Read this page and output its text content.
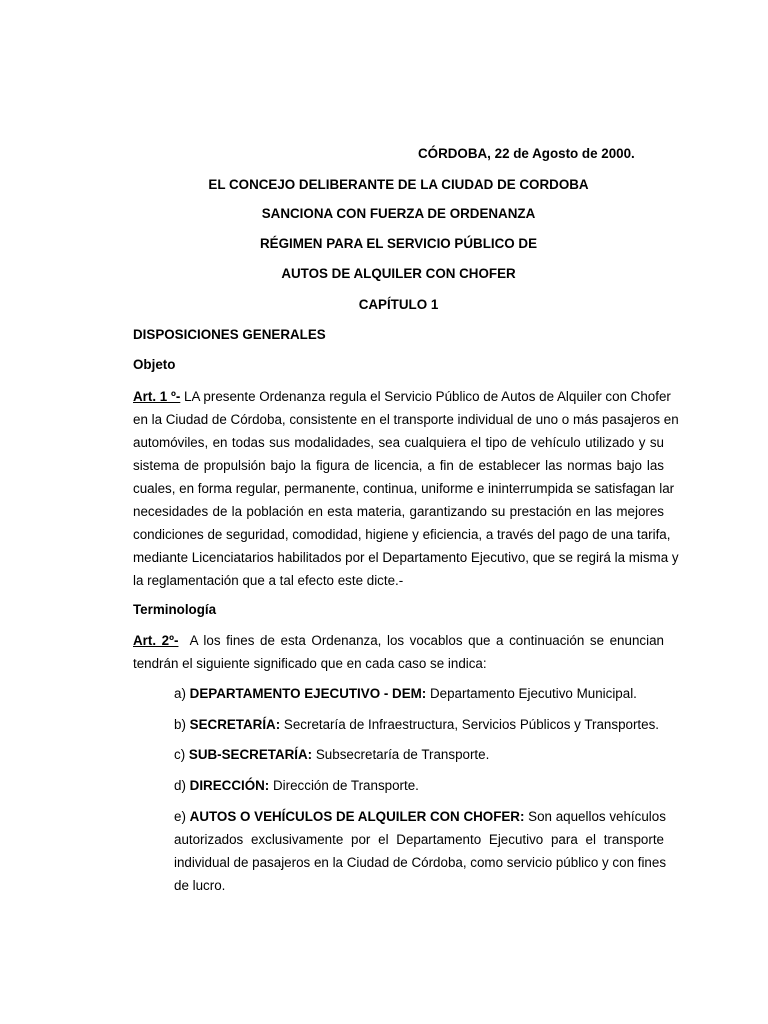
CÓRDOBA, 22 de Agosto de 2000.
EL CONCEJO DELIBERANTE DE LA CIUDAD DE CORDOBA
SANCIONA CON FUERZA DE ORDENANZA
RÉGIMEN PARA EL SERVICIO PÚBLICO DE
AUTOS DE ALQUILER CON CHOFER
CAPÍTULO 1
DISPOSICIONES GENERALES
Objeto
Art. 1 º- LA presente Ordenanza regula el Servicio Público de Autos de Alquiler con Chofer
en la Ciudad de Córdoba, consistente en el transporte individual de uno o más pasajeros en
automóviles, en todas sus modalidades, sea cualquiera el tipo de vehículo utilizado y su
sistema de propulsión bajo la figura de licencia, a fin de establecer las normas bajo las
cuales, en forma regular, permanente, continua, uniforme e ininterrumpida se satisfagan lar
necesidades de la población en esta materia, garantizando su prestación en las mejores
condiciones de seguridad, comodidad, higiene y eficiencia, a través del pago de una tarifa,
mediante Licenciatarios habilitados por el Departamento Ejecutivo, que se regirá la misma y
la reglamentación que a tal efecto este dicte.-
Terminología
Art. 2º- A los fines de esta Ordenanza, los vocablos que a continuación se enuncian
tendrán el siguiente significado que en cada caso se indica:
a) DEPARTAMENTO EJECUTIVO - DEM: Departamento Ejecutivo Municipal.
b) SECRETARÍA: Secretaría de Infraestructura, Servicios Públicos y Transportes.
c) SUB-SECRETARÍA: Subsecretaría de Transporte.
d) DIRECCIÓN: Dirección de Transporte.
e) AUTOS O VEHÍCULOS DE ALQUILER CON CHOFER: Son aquellos vehículos
autorizados exclusivamente por el Departamento Ejecutivo para el transporte
individual de pasajeros en la Ciudad de Córdoba, como servicio público y con fines
de lucro.
